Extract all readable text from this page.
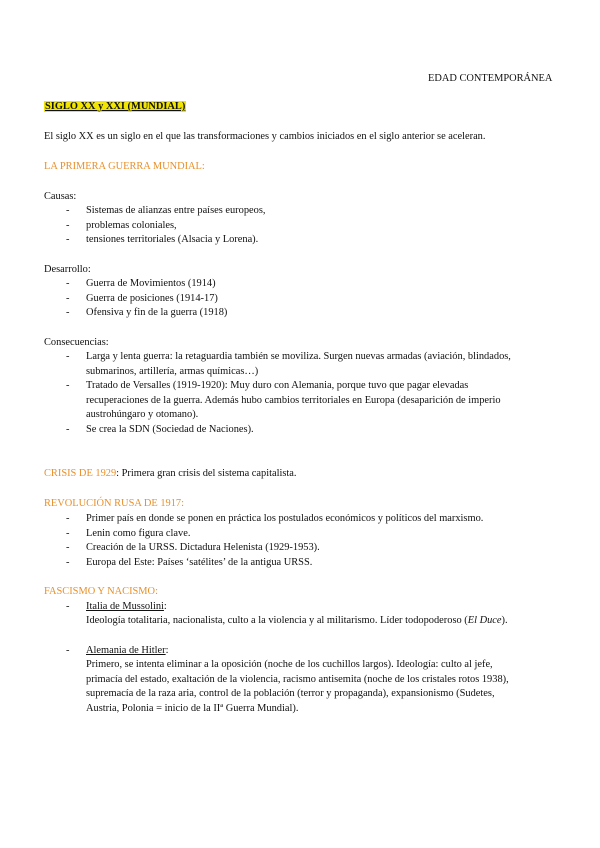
EDAD CONTEMPORÁNEA
SIGLO XX y XXI (MUNDIAL)
El siglo XX es un siglo en el que las transformaciones y cambios iniciados en el siglo anterior se aceleran.
LA PRIMERA GUERRA MUNDIAL:
Causas:
- Sistemas de alianzas entre países europeos,
- problemas coloniales,
- tensiones territoriales (Alsacia y Lorena).
Desarrollo:
- Guerra de Movimientos (1914)
- Guerra de posiciones (1914-17)
- Ofensiva y fin de la guerra (1918)
Consecuencias:
- Larga y lenta guerra: la retaguardia también se moviliza. Surgen nuevas armadas (aviación, blindados,
submarinos, artillería, armas químicas…)
- Tratado de Versalles (1919-1920): Muy duro con Alemania, porque tuvo que pagar elevadas
recuperaciones de la guerra. Además hubo cambios territoriales en Europa (desaparición de imperio
austrohúngaro y otomano).
- Se crea la SDN (Sociedad de Naciones).
CRISIS DE 1929: Primera gran crisis del sistema capitalista.
REVOLUCIÓN RUSA DE 1917:
- Primer país en donde se ponen en práctica los postulados económicos y políticos del marxismo.
- Lenin como figura clave.
- Creación de la URSS. Dictadura Helenista (1929-1953).
- Europa del Este: Países ‘satélites’ de la antigua URSS.
FASCISMO Y NACISMO:
- Italia de Mussolini:
Ideología totalitaria, nacionalista, culto a la violencia y al militarismo. Líder todopoderoso (El Duce).
- Alemania de Hitler:
Primero, se intenta eliminar a la oposición (noche de los cuchillos largos). Ideología: culto al jefe,
primacía del estado, exaltación de la violencia, racismo antisemita (noche de los cristales rotos 1938),
supremacía de la raza aria, control de la población (terror y propaganda), expansionismo (Sudetes,
Austria, Polonia = inicio de la IIª Guerra Mundial).
